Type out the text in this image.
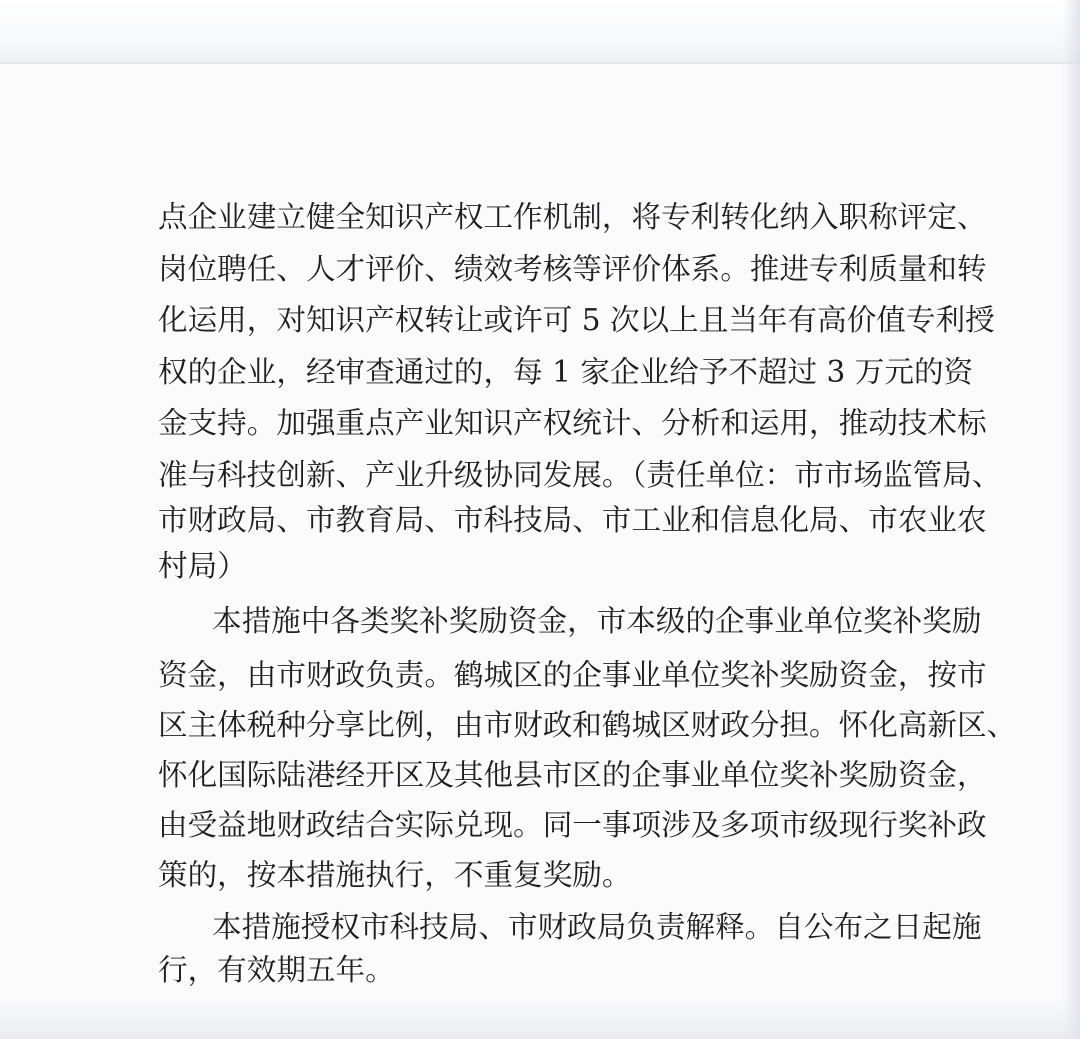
点企业建立健全知识产权工作机制，将专利转化纳入职称评定、
岗位聘任、人才评价、绩效考核等评价体系。推进专利质量和转
化运用，对知识产权转让或许可 5 次以上且当年有高价值专利授
权的企业，经审查通过的，每 1 家企业给予不超过 3 万元的资
金支持。加强重点产业知识产权统计、分析和运用，推动技术标
准与科技创新、产业升级协同发展。（责任单位：市市场监管局、
市财政局、市教育局、市科技局、市工业和信息化局、市农业农
村局）
本措施中各类奖补奖励资金，市本级的企事业单位奖补奖励
资金，由市财政负责。鹤城区的企事业单位奖补奖励资金，按市
区主体税种分享比例，由市财政和鹤城区财政分担。怀化高新区、
怀化国际陆港经开区及其他县市区的企事业单位奖补奖励资金，
由受益地财政结合实际兑现。同一事项涉及多项市级现行奖补政
策的，按本措施执行，不重复奖励。
本措施授权市科技局、市财政局负责解释。自公布之日起施
行，有效期五年。
